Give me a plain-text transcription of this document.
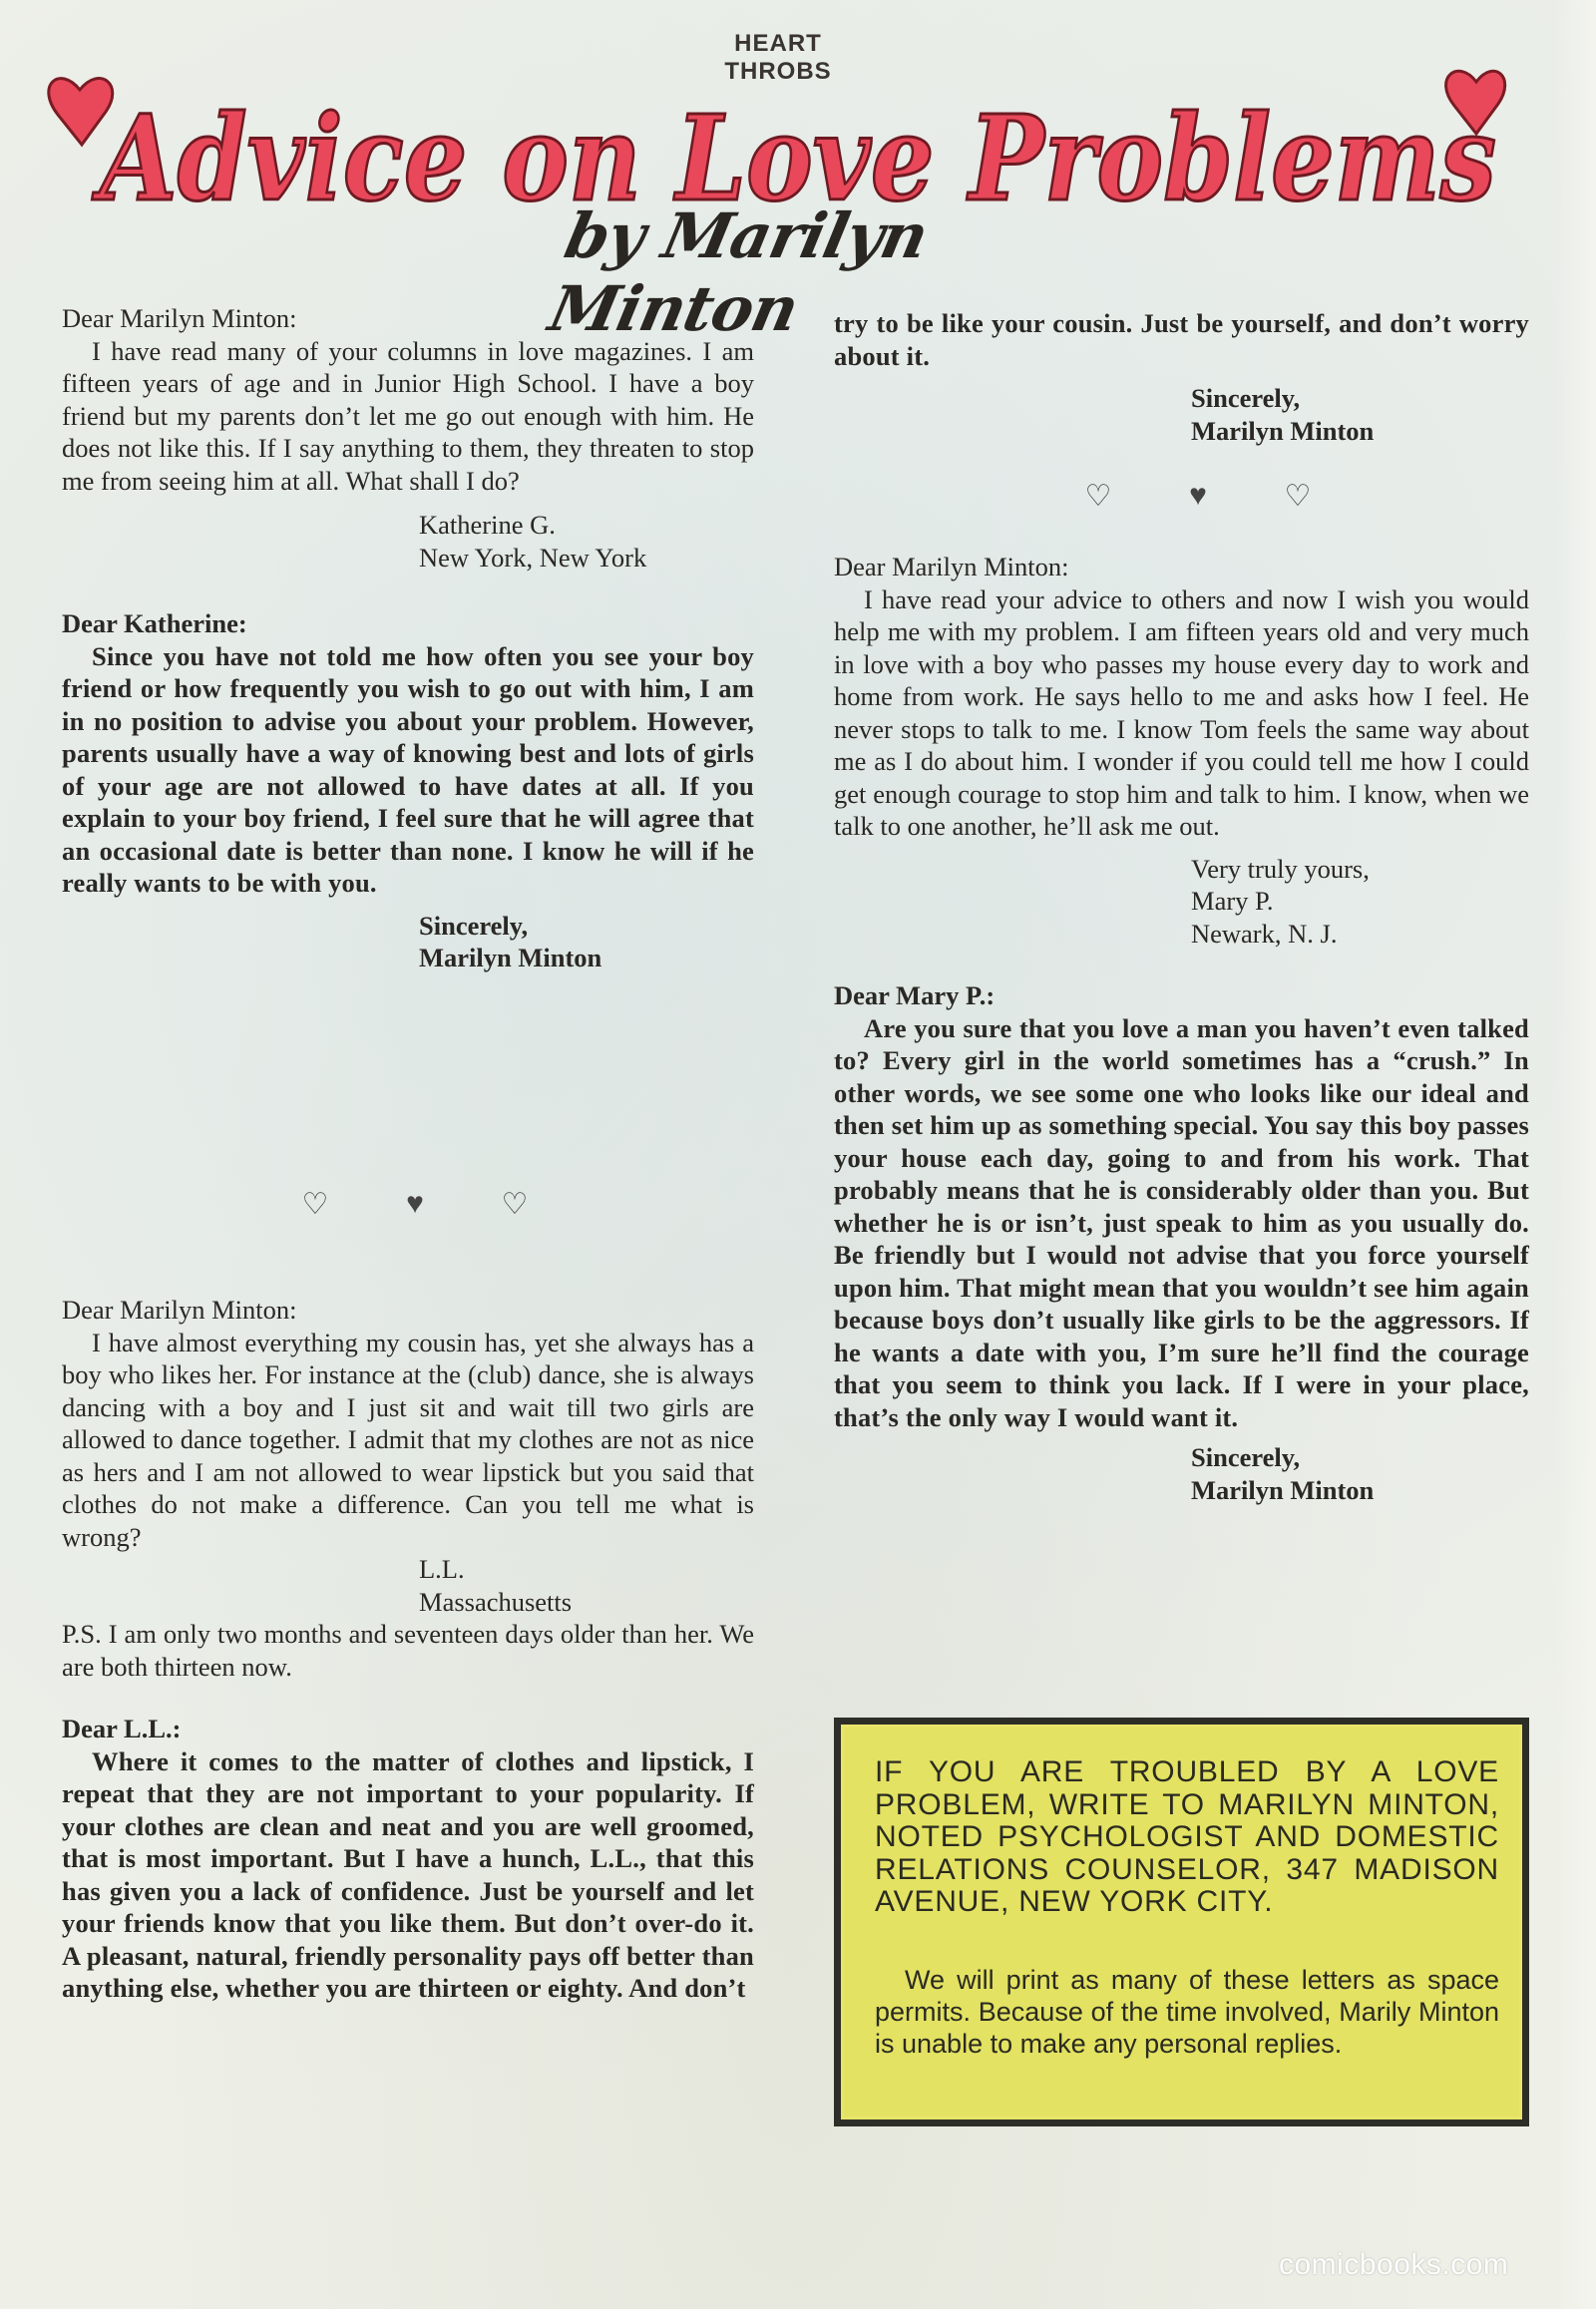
HEART THROBS
Advice on Love Problems
by Marilyn Minton

Dear Marilyn Minton:

I have read many of your columns in love magazines. I am fifteen years of age and in Junior High School. I have a boy friend but my parents don’t let me go out enough with him. He does not like this. If I say anything to them, they threaten to stop me from seeing him at all. What shall I do?

Katherine G.

New York, New York

Dear Katherine:

Since you have not told me how often you see your boy friend or how frequently you wish to go out with him, I am in no position to advise you about your problem. However, parents usually have a way of knowing best and lots of girls of your age are not allowed to have dates at all. If you explain to your boy friend, I feel sure that he will agree that an occasional date is better than none. I know he will if he really wants to be with you.

Sincerely,

Marilyn Minton

♡	♥	♡

Dear Marilyn Minton:

I have almost everything my cousin has, yet she always has a boy who likes her. For instance at the (club) dance, she is always dancing with a boy and I just sit and wait till two girls are allowed to dance together. I admit that my clothes are not as nice as hers and I am not allowed to wear lipstick but you said that clothes do not make a difference. Can you tell me what is wrong?

L.L.

Massachusetts

P.S. I am only two months and seventeen days older than her. We are both thirteen now.

Dear L.L.:

Where it comes to the matter of clothes and lipstick, I repeat that they are not important to your popularity. If your clothes are clean and neat and you are well groomed, that is most important. But I have a hunch, L.L., that this has given you a lack of confidence. Just be yourself and let your friends know that you like them. But don’t over-do it. A pleasant, natural, friendly personality pays off better than anything else, whether you are thirteen or eighty. And don’t

try to be like your cousin. Just be yourself, and don’t worry about it.

Sincerely,

Marilyn Minton

♡	♥	♡

Dear Marilyn Minton:

I have read your advice to others and now I wish you would help me with my problem. I am fifteen years old and very much in love with a boy who passes my house every day to work and home from work. He says hello to me and asks how I feel. He never stops to talk to me. I know Tom feels the same way about me as I do about him. I wonder if you could tell me how I could get enough courage to stop him and talk to him. I know, when we talk to one another, he’ll ask me out.

Very truly yours,

Mary P.

Newark, N. J.

Dear Mary P.:

Are you sure that you love a man you haven’t even talked to? Every girl in the world sometimes has a “crush.” In other words, we see some one who looks like our ideal and then set him up as something special. You say this boy passes your house each day, going to and from his work. That probably means that he is considerably older than you. But whether he is or isn’t, just speak to him as you usually do. Be friendly but I would not advise that you force yourself upon him. That might mean that you wouldn’t see him again because boys don’t usually like girls to be the aggressors. If he wants a date with you, I’m sure he’ll find the courage that you seem to think you lack. If I were in your place, that’s the only way I would want it.

Sincerely,

Marilyn Minton

IF YOU ARE TROUBLED BY A LOVE PROBLEM, WRITE TO MARILYN MINTON, NOTED PSYCHOLOGIST AND DOMESTIC RELATIONS COUNSELOR, 347 MADISON AVENUE, NEW YORK CITY.
We will print as many of these letters as space permits. Because of the time involved, Marily Minton is unable to make any personal replies.
comicbooks.com
